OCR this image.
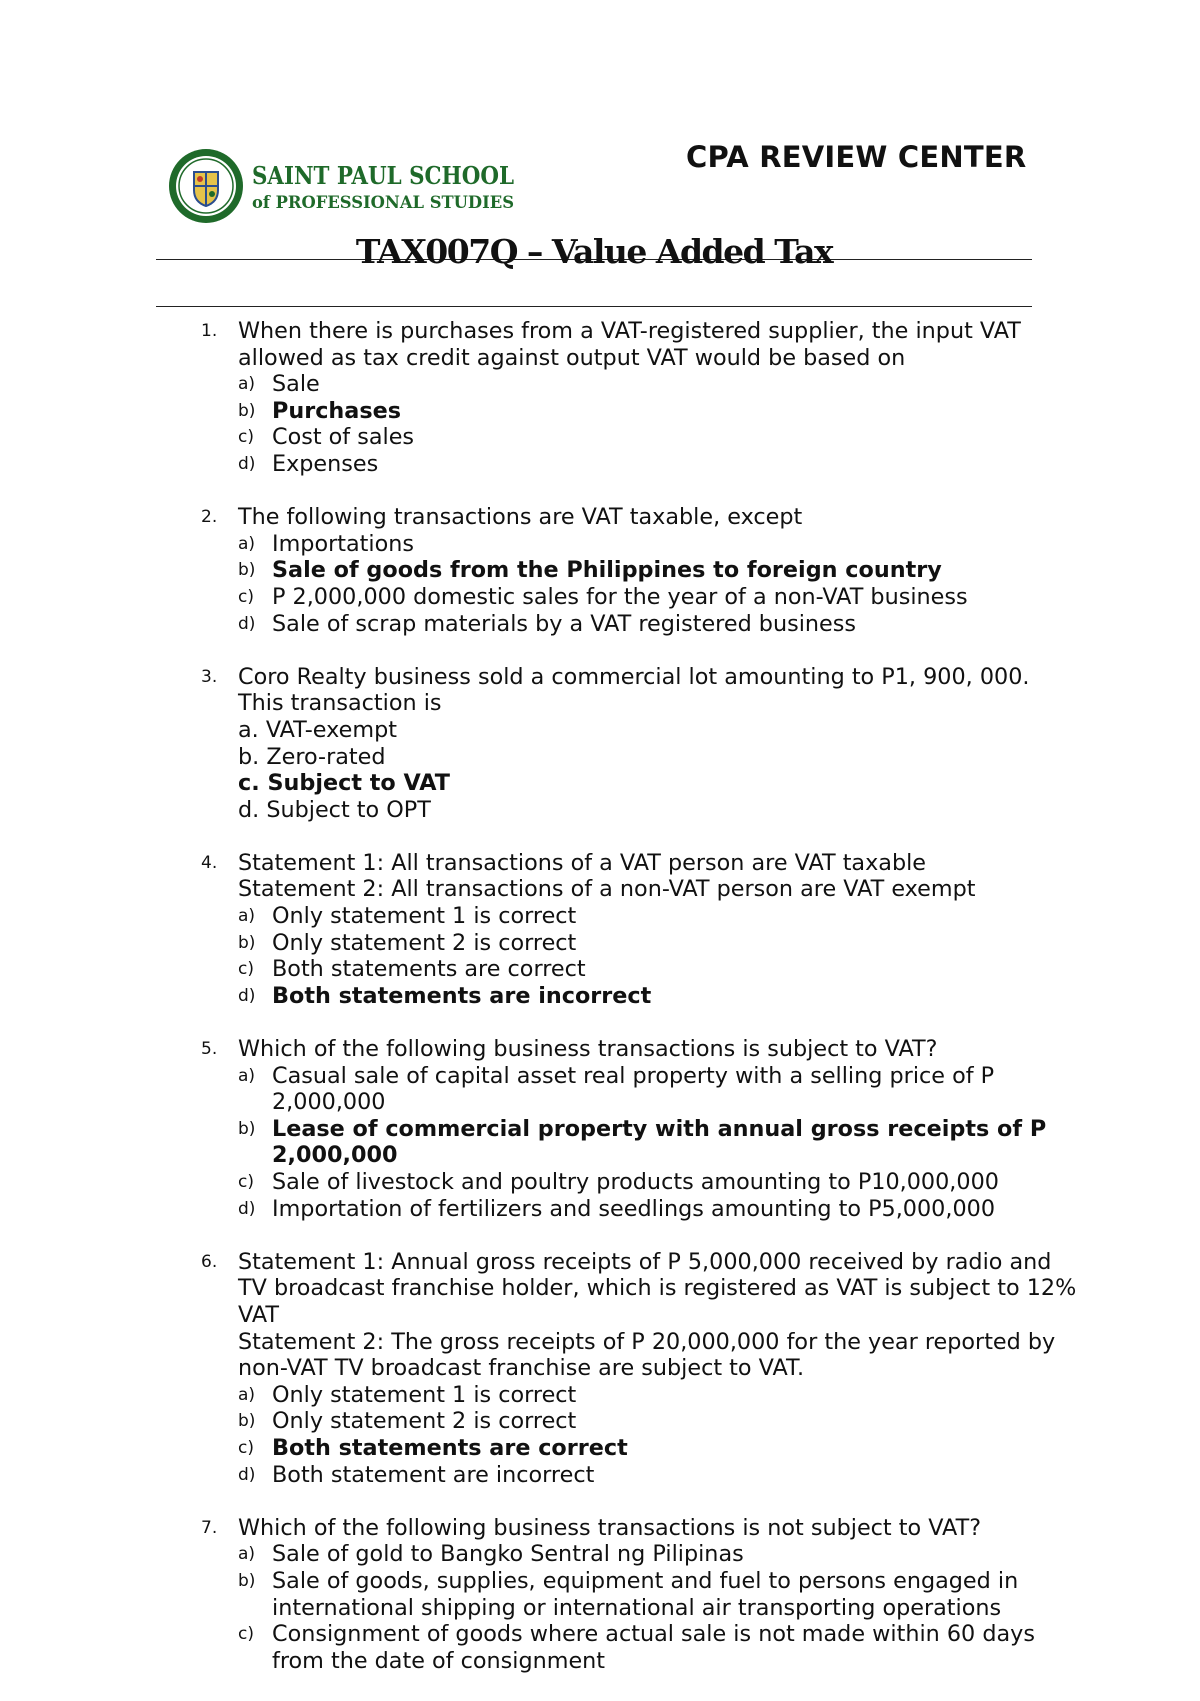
SAINT PAUL SCHOOL
of PROFESSIONAL STUDIES
CPA REVIEW CENTER
TAX007Q – Value Added Tax
1. When there is purchases from a VAT-registered supplier, the input VAT allowed as tax credit against output VAT would be based on
a) Sale
b) Purchases
c) Cost of sales
d) Expenses
2. The following transactions are VAT taxable, except
a) Importations
b) Sale of goods from the Philippines to foreign country
c) P 2,000,000 domestic sales for the year of a non-VAT business
d) Sale of scrap materials by a VAT registered business
3. Coro Realty business sold a commercial lot amounting to P1, 900, 000. This transaction is
a. VAT-exempt
b. Zero-rated
c. Subject to VAT
d. Subject to OPT
4. Statement 1: All transactions of a VAT person are VAT taxable
Statement 2: All transactions of a non-VAT person are VAT exempt
a) Only statement 1 is correct
b) Only statement 2 is correct
c) Both statements are correct
d) Both statements are incorrect
5. Which of the following business transactions is subject to VAT?
a) Casual sale of capital asset real property with a selling price of P 2,000,000
b) Lease of commercial property with annual gross receipts of P 2,000,000
c) Sale of livestock and poultry products amounting to P10,000,000
d) Importation of fertilizers and seedlings amounting to P5,000,000
6. Statement 1: Annual gross receipts of P 5,000,000 received by radio and TV broadcast franchise holder, which is registered as VAT is subject to 12% VAT
Statement 2: The gross receipts of P 20,000,000 for the year reported by non-VAT TV broadcast franchise are subject to VAT.
a) Only statement 1 is correct
b) Only statement 2 is correct
c) Both statements are correct
d) Both statement are incorrect
7. Which of the following business transactions is not subject to VAT?
a) Sale of gold to Bangko Sentral ng Pilipinas
b) Sale of goods, supplies, equipment and fuel to persons engaged in international shipping or international air transporting operations
c) Consignment of goods where actual sale is not made within 60 days from the date of consignment
